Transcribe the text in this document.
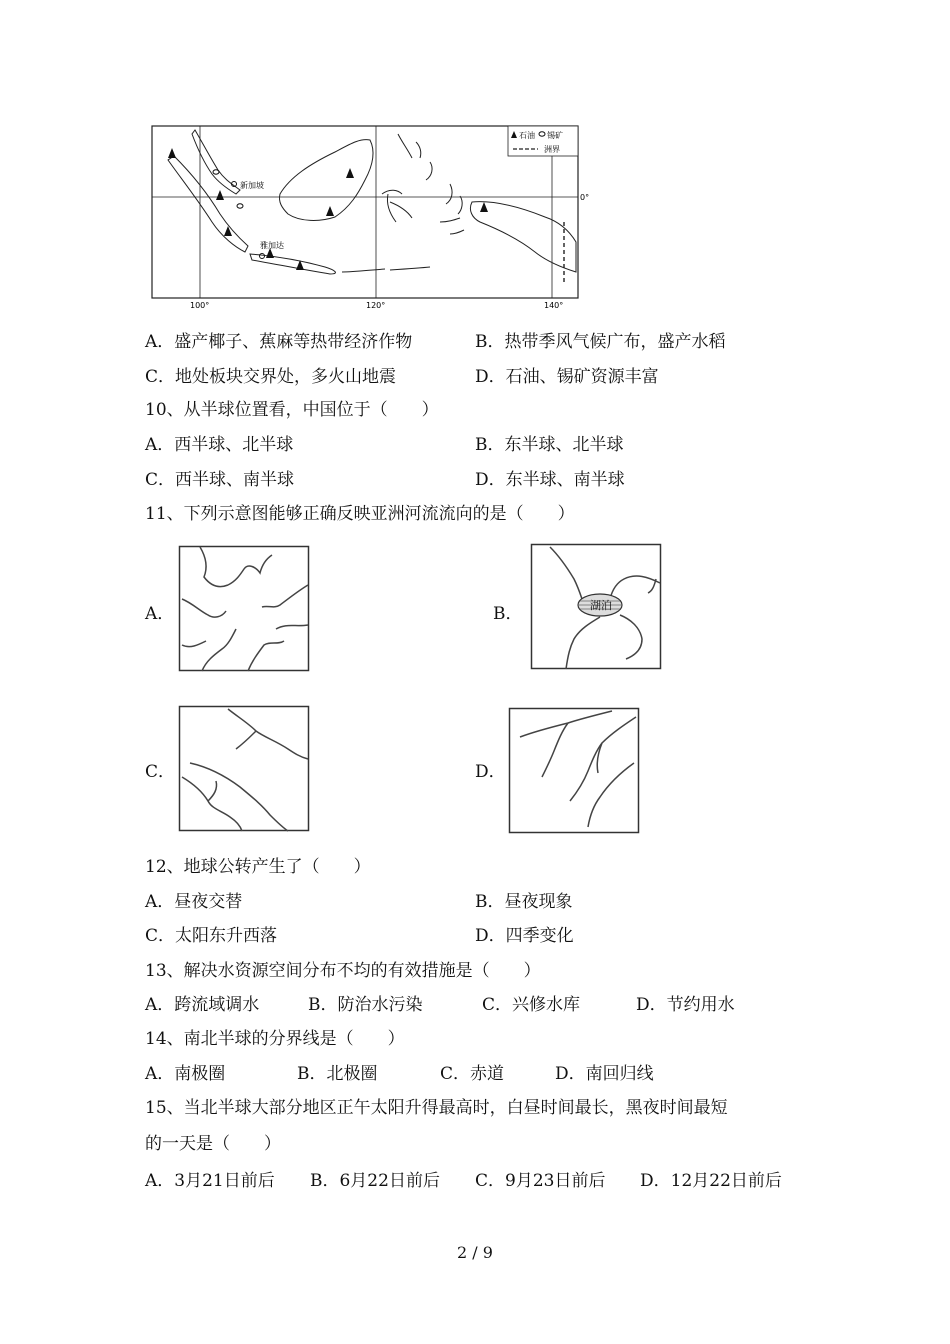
新加坡
雅加达
石油 锡矿
洲界
100°	120°	140°
0°
A．盛产椰子、蕉麻等热带经济作物	B．热带季风气候广布，盛产水稻
C．地处板块交界处，多火山地震	D．石油、锡矿资源丰富
10、从半球位置看，中国位于（　　）
A．西半球、北半球	B．东半球、北半球
C．西半球、南半球	D．东半球、南半球
11、下列示意图能够正确反映亚洲河流流向的是（　　）
A．	B．
C．	D．
湖泊
12、地球公转产生了（　　）
A．昼夜交替	B．昼夜现象
C．太阳东升西落	D．四季变化
13、解决水资源空间分布不均的有效措施是（　　）
A．跨流域调水	B．防治水污染	C．兴修水库	D．节约用水
14、南北半球的分界线是（　　）
A．南极圈	B．北极圈	C．赤道	D．南回归线
15、当北半球大部分地区正午太阳升得最高时，白昼时间最长，黑夜时间最短
的一天是（　　）
A．3月21日前后 B．6月22日前后 C．9月23日前后 D．12月22日前后
2 / 9
